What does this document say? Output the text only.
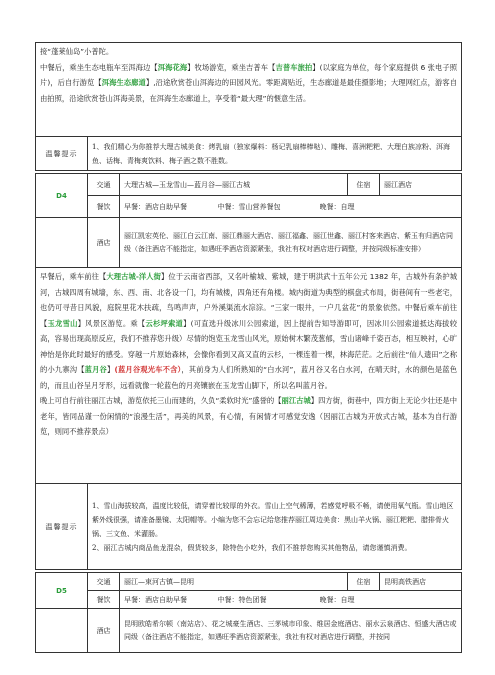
接“蓬莱仙岛”小普陀。
中餐后，乘坐生态电瓶车至洱海边【洱海花海】牧场游览，乘坐吉普车【吉普车旅拍】(以家庭为单位，每个家庭提供 6 张电子照片)，后自行游览【洱海生态廊道】,沿途欣赏苍山洱海边的田园风光。零距离贴近，生态廊道是最佳摄影地；大理网红点，游客自由拍照，沿途欣赏苍山洱海美景，在洱海生态廊道上，享受着“最大理”的惬意生活。
温馨提示	1、我们精心为你推荐大理古城美食：烤乳扇（独家爆料：杨记乳扇棒棒哒）、雕梅、喜洲粑粑、大理白族凉粉、洱海鱼、话梅、青梅爽饮料、梅子酒之数不胜数。
D4	交通	大理古城—玉龙雪山—蓝月谷—丽江古城			住宿	丽江酒店
	餐饮	早餐：酒店自助早餐	中餐：雪山营养餐包	晚餐：自理		
	酒店	丽江凯宏英伦、丽江白云江南、丽江鼎丽大酒店、丽江福鑫、丽江世鑫、丽江村客来酒店、紫玉有归酒店同级（备注酒店不能指定，如遇旺季酒店资源紧张，我社有权对酒店进行调整，并按同级标准安排）				
早餐后，乘车前往【大理古城-洋人街】位于云南省西部，又名叶榆城、紫城，建于明洪武十五年公元 1382 年，古城外有条护城河，古城四周有城墙，东、西、南、北各设一门，均有城楼，四角还有角楼。城内街道为典型的棋盘式布局，街巷间有一些老宅，也仍可寻昔日风貌，庭院里花木扶疏，鸟鸣声声，户外溪渠流水淙淙。“三家一眼井，一户几盆花”的景象依然。中餐后乘车前往【玉龙雪山】风景区游览。乘【云杉坪索道】(可直选升级冰川公园索道，因上提前告知导游即可，因冰川公园索道抵达海拔较高，容易出现高原反应，我们不推荐您升级）尽情的饱览玉龙雪山风光，原始树木繁茂葱郁，雪山诸峰千姿百态，相互映衬，心旷神怡是你此时最好的感受。穿越一片原始森林，会像你看到又高又直的云杉，一棵连着一棵，林海茫茫。之后前往“仙人遗田”之称的小九寨沟【蓝月谷】(蓝月谷观光车不含），其前身为人们所熟知的“白水河”，蓝月谷又名白水河，在晴天时，水的颜色是蓝色的，而且山谷呈月牙形，远看就像一轮蓝色的月亮镶嵌在玉龙雪山脚下，所以名叫蓝月谷。
晚上可自行前往丽江古城，游览依托三山而建的，久负“柔软时光”盛誉的【丽江古城】四方街，街巷中，四方街上无论少壮还是中老年，皆同品谨一份闲情的“浪漫生活”，再美的风景，有心情，有闲情才可感觉安逸（因丽江古城为开放式古城，基本为自行游览，则同不推荐景点）
温馨提示	
1、雪山海拔较高，温度比较低，请穿着比较厚的外衣。雪山上空气稀薄，若感觉呼吸不畅，请使用氧气瓶。雪山地区紫外线很强，请准备墨镜、太阳帽等。小编为您不会忘记给您推荐丽江周边美食：黑山羊火锅、丽江粑粑、腊排骨火锅、三文鱼、米灌肠。
2、丽江古城内商品鱼龙混杂，假货较多，除特色小吃外，我们不推荐您购买其他物品，请您谨慎消费。
D5	交通	丽江—束河古镇—昆明			住宿	昆明高铁酒店
	餐饮	早餐：酒店自助早餐	中餐：特色团餐	晚餐：自理		
	酒店	昆明欧皓希尔顿（南站店）、花之城豪生酒店、三茅城市印象、维居金庭酒店、丽水云泉酒店、恒盛大酒店或同级（备注酒店不能指定，如遇旺季酒店资源紧张，我社有权对酒店进行调整，并按同				
